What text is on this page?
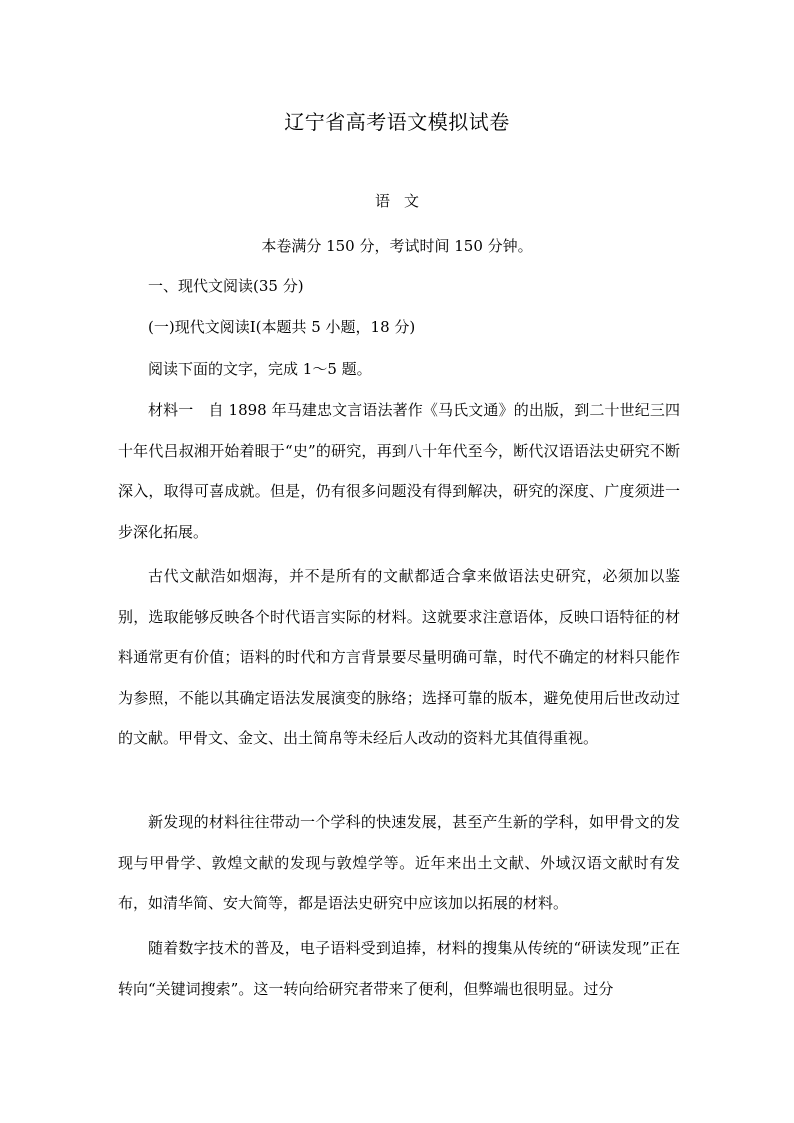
辽宁省高考语文模拟试卷
语文
本卷满分 150 分，考试时间 150 分钟。
一、现代文阅读(35 分)
(一)现代文阅读Ⅰ(本题共 5 小题，18 分)
阅读下面的文字，完成 1～5 题。
材料一　自 1898 年马建忠文言语法著作《马氏文通》的出版，到二十世纪三四十年代吕叔湘开始着眼于“史”的研究，再到八十年代至今，断代汉语语法史研究不断深入，取得可喜成就。但是，仍有很多问题没有得到解决，研究的深度、广度须进一步深化拓展。
古代文献浩如烟海，并不是所有的文献都适合拿来做语法史研究，必须加以鉴别，选取能够反映各个时代语言实际的材料。这就要求注意语体，反映口语特征的材料通常更有价值；语料的时代和方言背景要尽量明确可靠，时代不确定的材料只能作为参照，不能以其确定语法发展演变的脉络；选择可靠的版本，避免使用后世改动过的文献。甲骨文、金文、出土简帛等未经后人改动的资料尤其值得重视。
新发现的材料往往带动一个学科的快速发展，甚至产生新的学科，如甲骨文的发现与甲骨学、敦煌文献的发现与敦煌学等。近年来出土文献、外域汉语文献时有发布，如清华简、安大简等，都是语法史研究中应该加以拓展的材料。
随着数字技术的普及，电子语料受到追捧，材料的搜集从传统的“研读发现”正在转向“关键词搜索”。这一转向给研究者带来了便利，但弊端也很明显。过分
